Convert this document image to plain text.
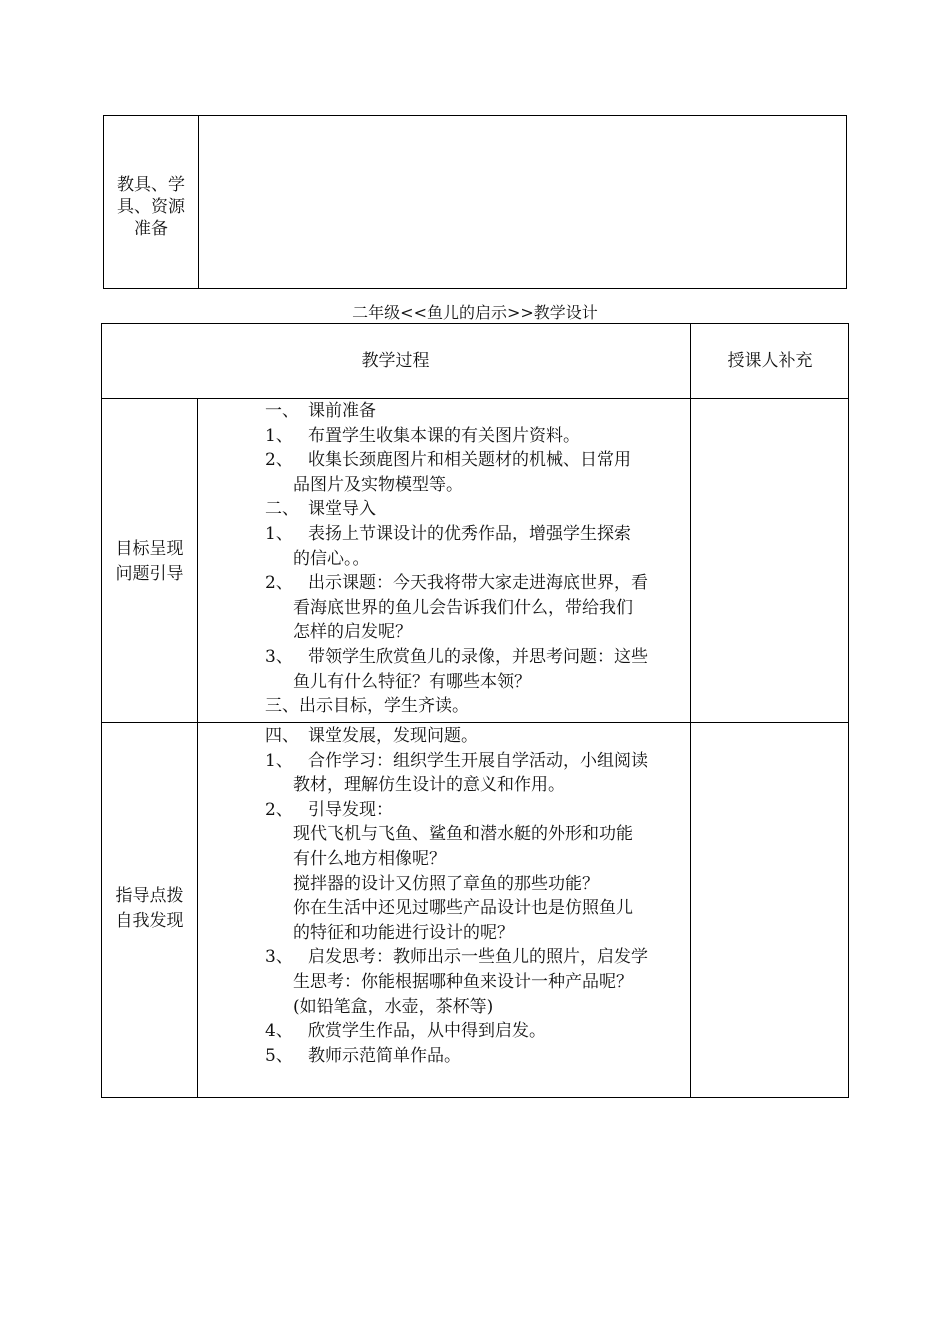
教具、学
具、资源
准备
二年级<<鱼儿的启示>>教学设计
教学过程	授课人补充
目标呈现
问题引导
指导点拨
自我发现
一、 课前准备
1、 布置学生收集本课的有关图片资料。
2、 收集长颈鹿图片和相关题材的机械、日常用
品图片及实物模型等。
二、 课堂导入
1、 表扬上节课设计的优秀作品，增强学生探索
的信心。。
2、 出示课题：今天我将带大家走进海底世界，看
看海底世界的鱼儿会告诉我们什么，带给我们
怎样的启发呢？
3、 带领学生欣赏鱼儿的录像，并思考问题：这些
鱼儿有什么特征？有哪些本领？
三、出示目标，学生齐读。
四、 课堂发展，发现问题。
1、 合作学习：组织学生开展自学活动，小组阅读
教材，理解仿生设计的意义和作用。
2、 引导发现：
现代飞机与飞鱼、鲨鱼和潜水艇的外形和功能
有什么地方相像呢？
搅拌器的设计又仿照了章鱼的那些功能？
你在生活中还见过哪些产品设计也是仿照鱼儿
的特征和功能进行设计的呢？
3、 启发思考：教师出示一些鱼儿的照片，启发学
生思考：你能根据哪种鱼来设计一种产品呢？
(如铅笔盒，水壶，茶杯等)
4、 欣赏学生作品，从中得到启发。
5、 教师示范简单作品。
